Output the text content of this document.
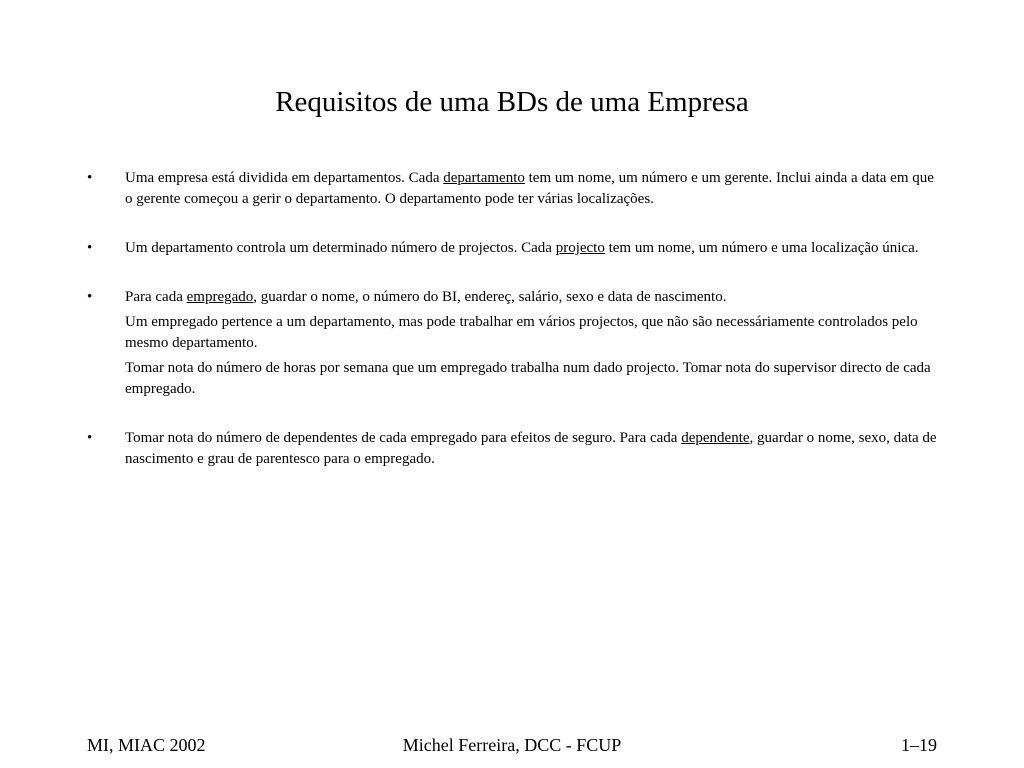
Requisitos de uma BDs de uma Empresa
• Uma empresa está dividida em departamentos. Cada departamento tem um nome, um número e um gerente. Inclui ainda a data em que o gerente começou a gerir o departamento. O departamento pode ter várias localizações.

• Um departamento controla um determinado número de projectos. Cada projecto tem um nome, um número e uma localização única.

• Para cada empregado, guardar o nome, o número do BI, endereç, salário, sexo e data de nascimento.

Um empregado pertence a um departamento, mas pode trabalhar em vários projectos, que não são necessáriamente controlados pelo mesmo departamento.

Tomar nota do número de horas por semana que um empregado trabalha num dado projecto. Tomar nota do supervisor directo de cada empregado.

• Tomar nota do número de dependentes de cada empregado para efeitos de seguro. Para cada dependente, guardar o nome, sexo, data de nascimento e grau de parentesco para o empregado.

MI, MIAC 2002	Michel Ferreira, DCC - FCUP	1–19
